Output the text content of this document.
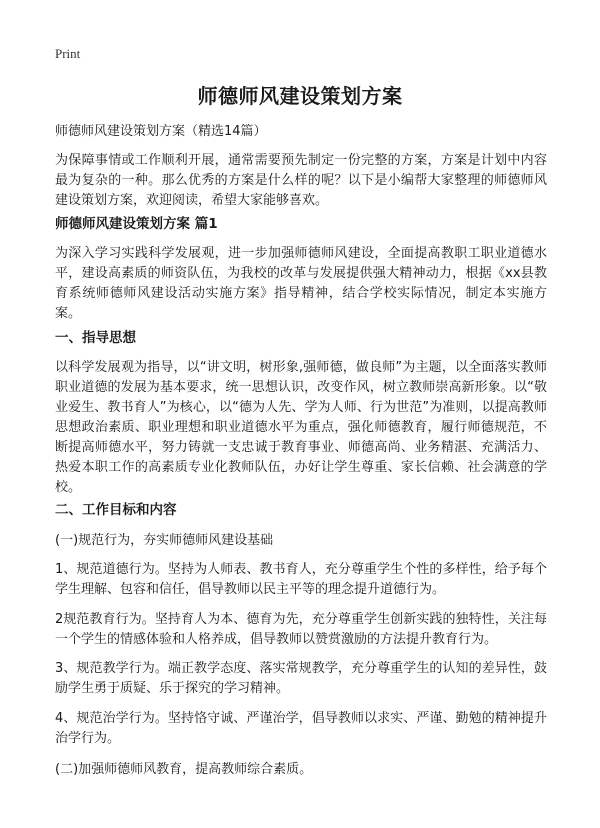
Print
师德师风建设策划方案

师德师风建设策划方案（精选14篇）

为保障事情或工作顺利开展，通常需要预先制定一份完整的方案，方案是计划中内容最为复杂的一种。那么优秀的方案是什么样的呢？以下是小编帮大家整理的师德师风建设策划方案，欢迎阅读，希望大家能够喜欢。

师德师风建设策划方案 篇1

为深入学习实践科学发展观，进一步加强师德师风建设，全面提高教职工职业道德水平，建设高素质的师资队伍，为我校的改革与发展提供强大精神动力，根据《xx县教育系统师德师风建设活动实施方案》指导精神，结合学校实际情况，制定本实施方案。

一、指导思想

以科学发展观为指导，以“讲文明，树形象,强师德，做良师”为主题，以全面落实教师职业道德的发展为基本要求，统一思想认识，改变作风，树立教师崇高新形象。以“敬业爱生、教书育人”为核心，以“德为人先、学为人师、行为世范”为准则，以提高教师思想政治素质、职业理想和职业道德水平为重点，强化师德教育，履行师德规范，不断提高师德水平，努力铸就一支忠诚于教育事业、师德高尚、业务精湛、充满活力、热爱本职工作的高素质专业化教师队伍，办好让学生尊重、家长信赖、社会满意的学校。

二、工作目标和内容

(一)规范行为，夯实师德师风建设基础

1、规范道德行为。坚持为人师表、教书育人，充分尊重学生个性的多样性，给予每个学生理解、包容和信任，倡导教师以民主平等的理念提升道德行为。

2规范教育行为。坚持育人为本、德育为先，充分尊重学生创新实践的独特性，关注每一个学生的情感体验和人格养成，倡导教师以赞赏激励的方法提升教育行为。

3、规范教学行为。端正教学态度、落实常规教学，充分尊重学生的认知的差异性，鼓励学生勇于质疑、乐于探究的学习精神。

4、规范治学行为。坚持恪守诚、严谨治学，倡导教师以求实、严谨、勤勉的精神提升治学行为。

(二)加强师德师风教育，提高教师综合素质。
